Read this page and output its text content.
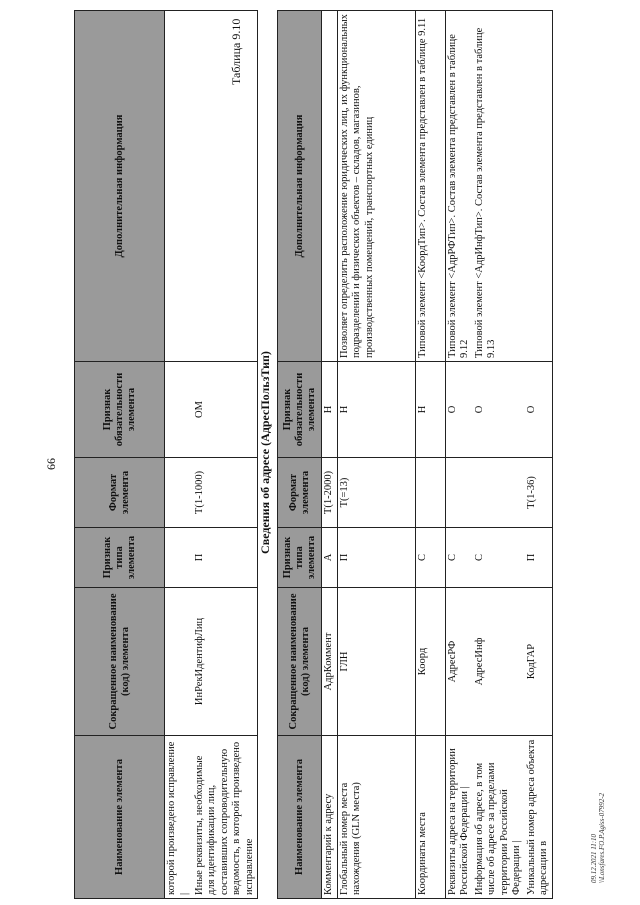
66
Наименование элемента	Сокращенное наименование (код) элемента	Признак типа элемента	Формат элемента	Признак обязательности элемента	Дополнительная информация
которой произведено исправление |					
Иные реквизиты, необходимые для идентификации лиц, составивших сопроводительную ведомость, в которой произведено исправление	ИнРекИдентифЛиц	П	T(1-1000)	ОМ	
Таблица 9.10
Сведения об адресе (АдресПользТип)
Наименование элемента	Сокращенное наименование (код) элемента	Признак типа элемента	Формат элемента	Признак обязательности элемента	Дополнительная информация
Комментарий к адресу	АдрКоммент	А	T(1-2000)	Н	
Глобальный номер места нахождения (GLN места)	ГЛН	П	T(=13)	Н	Позволяет определить расположение юридических лиц, их функциональных подразделений и физических объектов – складов, магазинов, производственных помещений, транспортных единиц
Координаты места	Коорд	С		Н	Типовой элемент <КоордТип>. Состав элемента представлен в таблице 9.11
Реквизиты адреса на территории Российской Федерации |	АдресРФ	С		О	Типовой элемент <АдрРФТип>. Состав элемента представлен в таблице 9.12
Информация об адресе, в том числе об адресе за пределами территории Российской Федерации |	АдресИнф	С		О	Типовой элемент <АдрИнфТип>. Состав элемента представлен в таблице 9.13
Уникальный номер адреса объекта адресации в	КодГАР	П	T(1-36)	О	
09.12.2021 11:10 \\Lonsfares.FO.P.Agiss-07992-2
